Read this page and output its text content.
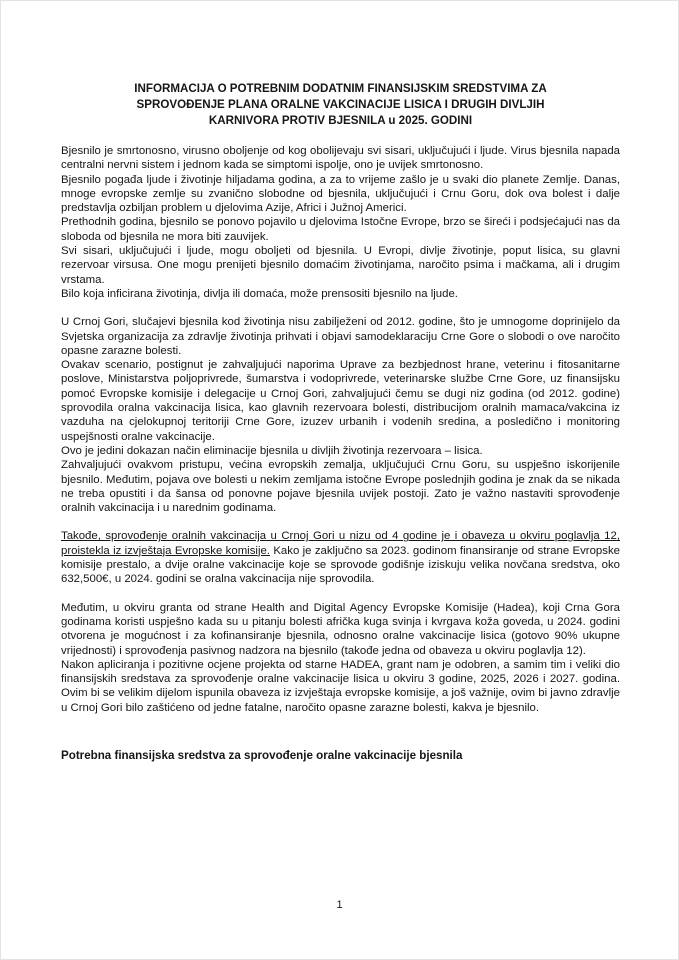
INFORMACIJA O POTREBNIM DODATNIM FINANSIJSKIM SREDSTVIMA ZA SPROVOĐENJE PLANA ORALNE VAKCINACIJE LISICA I DRUGIH DIVLJIH KARNIVORA PROTIV BJESNILA u 2025. GODINI

Bjesnilo je smrtonosno, virusno oboljenje od kog obolijevaju svi sisari, uključujući i ljude. Virus bjesnila napada centralni nervni sistem i jednom kada se simptomi ispolje, ono je uvijek smrtonosno.

Bjesnilo pogađa ljude i životinje hiljadama godina, a za to vrijeme zašlo je u svaki dio planete Zemlje. Danas, mnoge evropske zemlje su zvanično slobodne od bjesnila, uključujući i Crnu Goru, dok ova bolest i dalje predstavlja ozbiljan problem u djelovima Azije, Africi i Južnoj Americi.

Prethodnih godina, bjesnilo se ponovo pojavilo u djelovima Istočne Evrope, brzo se šireći i podsjećajući nas da sloboda od bjesnila ne mora biti zauvijek.

Svi sisari, uključujući i ljude, mogu oboljeti od bjesnila. U Evropi, divlje životinje, poput lisica, su glavni rezervoar virsusa. One mogu prenijeti bjesnilo domaćim životinjama, naročito psima i mačkama, ali i drugim vrstama.

Bilo koja inficirana životinja, divlja ili domaća, može prensositi bjesnilo na ljude.

U Crnoj Gori, slučajevi bjesnila kod životinja nisu zabilježeni od 2012. godine, što je umnogome doprinijelo da Svjetska organizacija za zdravlje životinja prihvati i objavi samodeklaraciju Crne Gore o slobodi o ove naročito opasne zarazne bolesti.

Ovakav scenario, postignut je zahvaljujući naporima Uprave za bezbjednost hrane, veterinu i fitosanitarne poslove, Ministarstva poljoprivrede, šumarstva i vodoprivrede, veterinarske službe Crne Gore, uz finansijsku pomoć Evropske komisije i delegacije u Crnoj Gori, zahvaljujući čemu se dugi niz godina (od 2012. godine) sprovodila oralna vakcinacija lisica, kao glavnih rezervoara bolesti, distribucijom oralnih mamaca/vakcina iz vazduha na cjelokupnoj teritoriji Crne Gore, izuzev urbanih i vodenih sredina, a posledično i monitoring uspejšnosti oralne vakcinacije.

Ovo je jedini dokazan način eliminacije bjesnila u divljih životinja rezervoara – lisica.

Zahvaljujući ovakvom pristupu, većina evropskih zemalja, uključujući Crnu Goru, su uspješno iskorijenile bjesnilo. Međutim, pojava ove bolesti u nekim zemljama istočne Evrope poslednjih godina je znak da se nikada ne treba opustiti i da šansa od ponovne pojave bjesnila uvijek postoji. Zato je važno nastaviti sprovođenje oralnih vakcinacija i u narednim godinama.

Takođe, sprovođenje oralnih vakcinacija u Crnoj Gori u nizu od 4 godine je i obaveza u okviru poglavlja 12, proistekla iz izvještaja Evropske komisije. Kako je zaključno sa 2023. godinom finansiranje od strane Evropske komisije prestalo, a dvije oralne vakcinacije koje se sprovode godišnje iziskuju velika novčana sredstva, oko 632,500€, u 2024. godini se oralna vakcinacija nije sprovodila.

Međutim, u okviru granta od strane Health and Digital Agency Evropske Komisije (Hadea), koji Crna Gora godinama koristi uspješno kada su u pitanju bolesti afrička kuga svinja i kvrgava koža goveda, u 2024. godini otvorena je mogućnost i za kofinansiranje bjesnila, odnosno oralne vakcinacije lisica (gotovo 90% ukupne vrijednosti) i sprovođenja pasivnog nadzora na bjesnilo (takođe jedna od obaveza u okviru poglavlja 12).

Nakon apliciranja i pozitivne ocjene projekta od starne HADEA, grant nam je odobren, a samim tim i veliki dio finansijskih sredstava za sprovođenje oralne vakcinacije lisica u okviru 3 godine, 2025, 2026 i 2027. godina. Ovim bi se velikim dijelom ispunila obaveza iz izvještaja evropske komisije, a još važnije, ovim bi javno zdravlje u Crnoj Gori bilo zaštićeno od jedne fatalne, naročito opasne zarazne bolesti, kakva je bjesnilo.

Potrebna finansijska sredstva za sprovođenje oralne vakcinacije bjesnila
1
